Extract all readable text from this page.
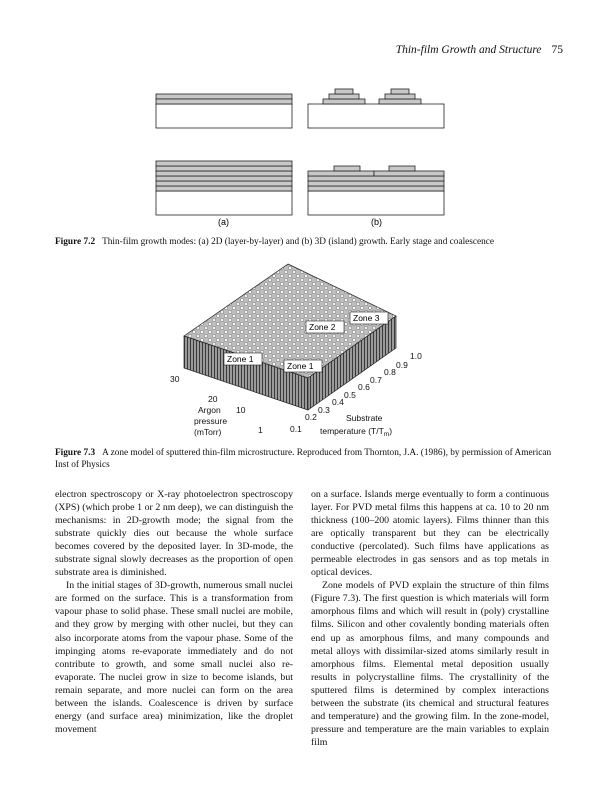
Thin-film Growth and Structure 75
(a)	(b)
Figure 7.2 Thin-film growth modes: (a) 2D (layer-by-layer) and (b) 3D (island) growth. Early stage and coalescence
Zone 1
Zone 1
Zone 2
Zone 3
0.1
0.2
0.3
0.4
0.5
0.6
0.7
0.8
0.9
1.0
30
20
10
1
Argon
pressure
(mTorr)
Substrate
temperature $(T/T_m)$
Figure 7.3 A zone model of sputtered thin-film microstructure. Reproduced from Thornton, J.A. (1986), by permission of American Inst of Physics

electron spectroscopy or X-ray photoelectron spectroscopy (XPS) (which probe 1 or 2 nm deep), we can distinguish the mechanisms: in 2D-growth mode; the signal from the substrate quickly dies out because the whole surface becomes covered by the deposited layer. In 3D-mode, the substrate signal slowly decreases as the proportion of open substrate area is diminished.

In the initial stages of 3D-growth, numerous small nuclei are formed on the surface. This is a transformation from vapour phase to solid phase. These small nuclei are mobile, and they grow by merging with other nuclei, but they can also incorporate atoms from the vapour phase. Some of the impinging atoms re-evaporate immediately and do not contribute to growth, and some small nuclei also re-evaporate. The nuclei grow in size to become islands, but remain separate, and more nuclei can form on the area between the islands. Coalescence is driven by surface energy (and surface area) minimization, like the droplet movement

on a surface. Islands merge eventually to form a continuous layer. For PVD metal films this happens at ca. 10 to 20 nm thickness (100–200 atomic layers). Films thinner than this are optically transparent but they can be electrically conductive (percolated). Such films have applications as permeable electrodes in gas sensors and as top metals in optical devices.

Zone models of PVD explain the structure of thin films (Figure 7.3). The first question is which materials will form amorphous films and which will result in (poly) crystalline films. Silicon and other covalently bonding materials often end up as amorphous films, and many compounds and metal alloys with dissimilar-sized atoms similarly result in amorphous films. Elemental metal deposition usually results in polycrystalline films. The crystallinity of the sputtered films is determined by complex interactions between the substrate (its chemical and structural features and temperature) and the growing film. In the zone-model, pressure and temperature are the main variables to explain film
